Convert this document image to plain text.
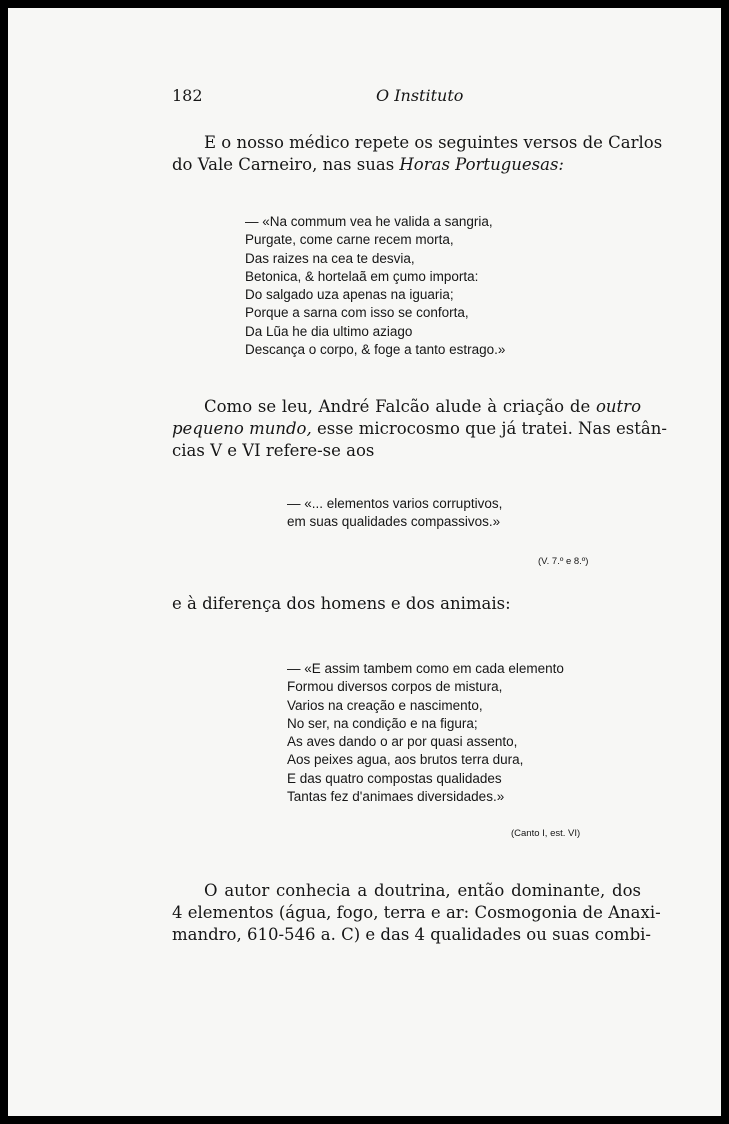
182	O Instituto

E o nosso médico repete os seguintes versos de Carlos
do Vale Carneiro, nas suas Horas Portuguesas:
— «Na commum vea he valida a sangria,
Purgate, come carne recem morta,
Das raizes na cea te desvia,
Betonica, & hortelaã em çumo importa:
Do salgado uza apenas na iguaria;
Porque a sarna com isso se conforta,
Da Lũa he dia ultimo aziago
Descança o corpo, & foge a tanto estrago.»
Como se leu, André Falcão alude à criação de outro
pequeno mundo, esse microcosmo que já tratei. Nas estân-
cias V e VI refere-se aos
— «... elementos varios corruptivos,
em suas qualidades compassivos.»

(V. 7.º e 8.º)

e à diferença dos homens e dos animais:

— «E assim tambem como em cada elemento
Formou diversos corpos de mistura,
Varios na creação e nascimento,
No ser, na condição e na figura;
As aves dando o ar por quasi assento,
Aos peixes agua, aos brutos terra dura,
E das quatro compostas qualidades
Tantas fez d'animaes diversidades.»

(Canto I, est. VI)

O autor conhecia a doutrina, então dominante, dos
4 elementos (água, fogo, terra e ar: Cosmogonia de Anaxi-
mandro, 610-546 a. C) e das 4 qualidades ou suas combi-
